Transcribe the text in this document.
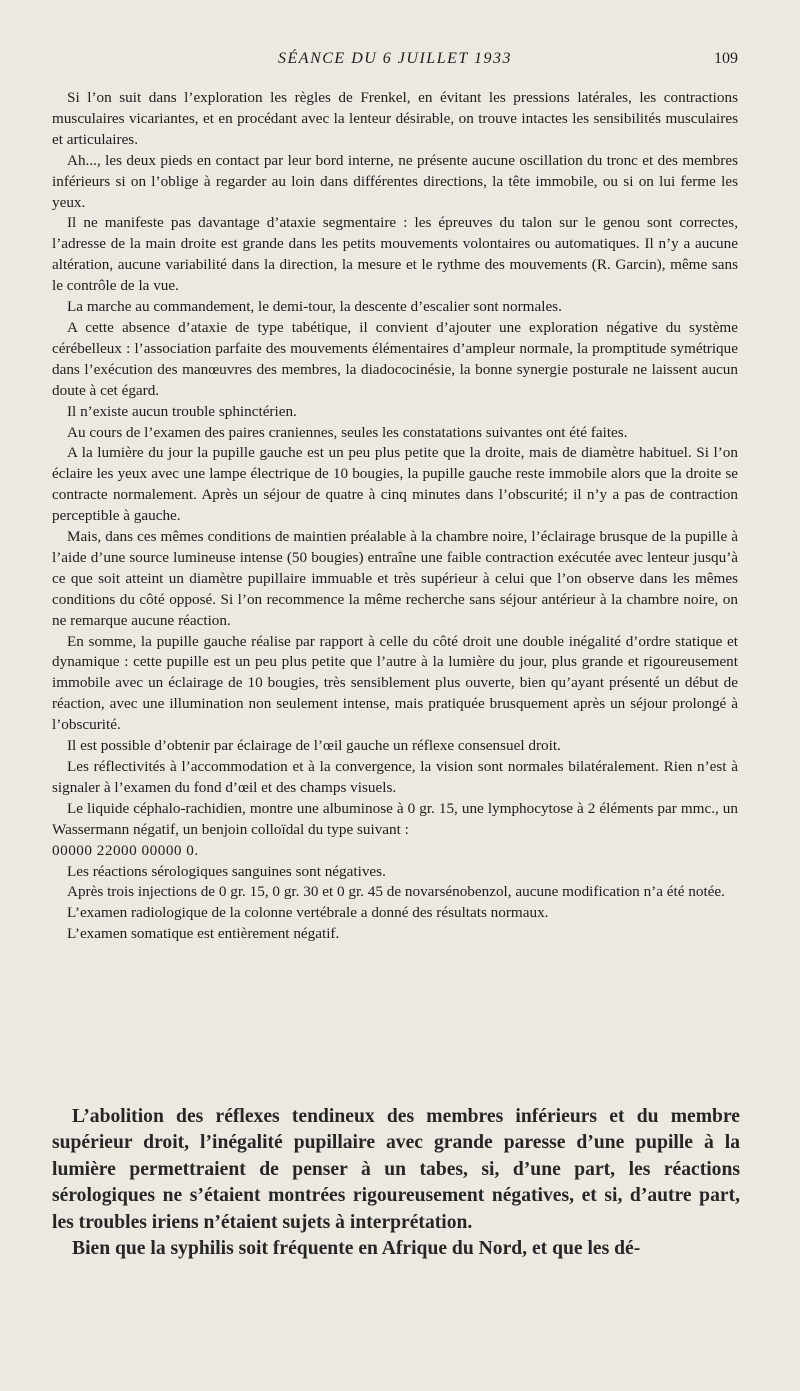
SÉANCE DU 6 JUILLET 1933	109

Si l’on suit dans l’exploration les règles de Frenkel, en évitant les pressions latérales, les contractions musculaires vicariantes, et en procédant avec la lenteur désirable, on trouve intactes les sensibilités musculaires et articulaires.

Ah..., les deux pieds en contact par leur bord interne, ne présente aucune oscillation du tronc et des membres inférieurs si on l’oblige à regarder au loin dans différentes directions, la tête immobile, ou si on lui ferme les yeux.

Il ne manifeste pas davantage d’ataxie segmentaire : les épreuves du talon sur le genou sont correctes, l’adresse de la main droite est grande dans les petits mouvements volontaires ou automatiques. Il n’y a aucune altération, aucune variabilité dans la direction, la mesure et le rythme des mouvements (R. Garcin), même sans le contrôle de la vue.

La marche au commandement, le demi-tour, la descente d’escalier sont normales.

A cette absence d’ataxie de type tabétique, il convient d’ajouter une exploration négative du système cérébelleux : l’association parfaite des mouvements élémentaires d’ampleur normale, la promptitude symétrique dans l’exécution des manœuvres des membres, la diadococinésie, la bonne synergie posturale ne laissent aucun doute à cet égard.

Il n’existe aucun trouble sphinctérien.

Au cours de l’examen des paires craniennes, seules les constatations suivantes ont été faites.

A la lumière du jour la pupille gauche est un peu plus petite que la droite, mais de diamètre habituel. Si l’on éclaire les yeux avec une lampe électrique de 10 bougies, la pupille gauche reste immobile alors que la droite se contracte normalement. Après un séjour de quatre à cinq minutes dans l’obscurité; il n’y a pas de contraction perceptible à gauche.

Mais, dans ces mêmes conditions de maintien préalable à la chambre noire, l’éclairage brusque de la pupille à l’aide d’une source lumineuse intense (50 bougies) entraîne une faible contraction exécutée avec lenteur jusqu’à ce que soit atteint un diamètre pupillaire immuable et très supérieur à celui que l’on observe dans les mêmes conditions du côté opposé. Si l’on recommence la même recherche sans séjour antérieur à la chambre noire, on ne remarque aucune réaction.

En somme, la pupille gauche réalise par rapport à celle du côté droit une double inégalité d’ordre statique et dynamique : cette pupille est un peu plus petite que l’autre à la lumière du jour, plus grande et rigoureusement immobile avec un éclairage de 10 bougies, très sensiblement plus ouverte, bien qu’ayant présenté un début de réaction, avec une illumination non seulement intense, mais pratiquée brusquement après un séjour prolongé à l’obscurité.

Il est possible d’obtenir par éclairage de l’œil gauche un réflexe consensuel droit.

Les réflectivités à l’accommodation et à la convergence, la vision sont normales bilatéralement. Rien n’est à signaler à l’examen du fond d’œil et des champs visuels.

Le liquide céphalo-rachidien, montre une albuminose à 0 gr. 15, une lymphocytose à 2 éléments par mmc., un Wassermann négatif, un benjoin colloïdal du type suivant :

00000 22000 00000 0.

Les réactions sérologiques sanguines sont négatives.

Après trois injections de 0 gr. 15, 0 gr. 30 et 0 gr. 45 de novarsénobenzol, aucune modification n’a été notée.

L’examen radiologique de la colonne vertébrale a donné des résultats normaux.

L’examen somatique est entièrement négatif.

L’abolition des réflexes tendineux des membres inférieurs et du membre supérieur droit, l’inégalité pupillaire avec grande paresse d’une pupille à la lumière permettraient de penser à un tabes, si, d’une part, les réactions sérologiques ne s’étaient montrées rigoureusement négatives, et si, d’autre part, les troubles iriens n’étaient sujets à interprétation.

Bien que la syphilis soit fréquente en Afrique du Nord, et que les dé-
